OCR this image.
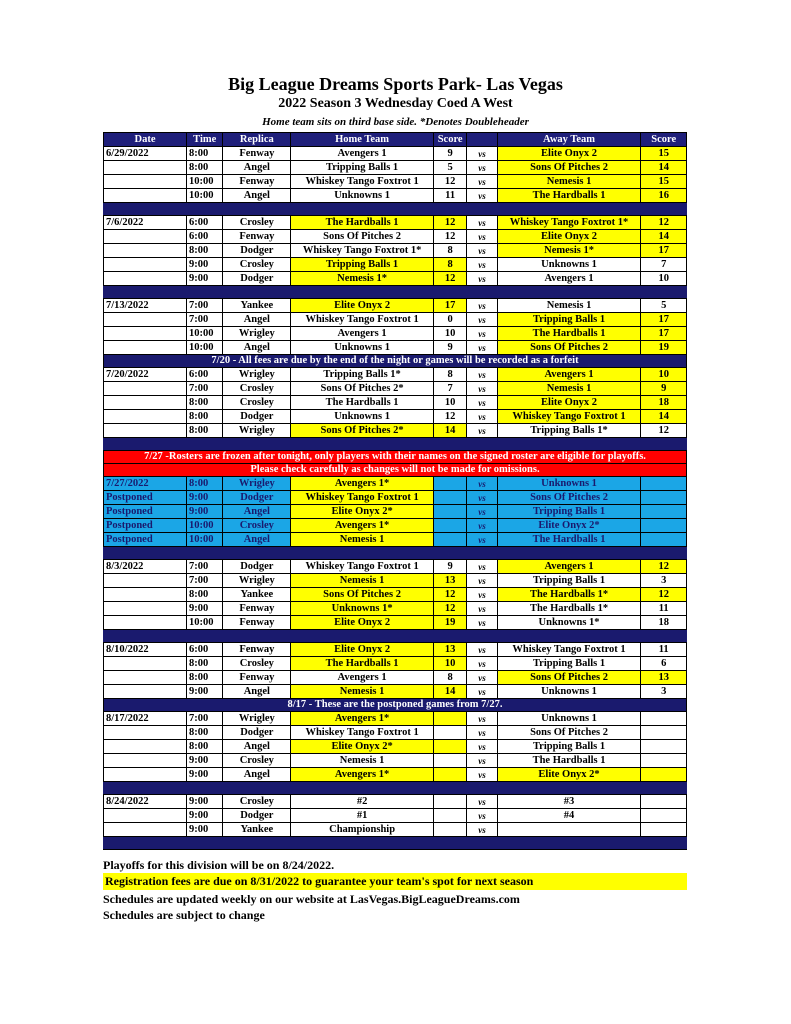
Big League Dreams Sports Park- Las Vegas
2022 Season 3 Wednesday Coed A West

Home team sits on third base side. *Denotes Doubleheader

Date	Time	Replica	Home Team	Score		Away Team	Score
6/29/2022	8:00	Fenway	Avengers 1	9	vs	Elite Onyx 2	15
	8:00	Angel	Tripping Balls 1	5	vs	Sons Of Pitches 2	14
	10:00	Fenway	Whiskey Tango Foxtrot 1	12	vs	Nemesis 1	15
	10:00	Angel	Unknowns 1	11	vs	The Hardballs 1	16

7/6/2022	6:00	Crosley	The Hardballs 1	12	vs	Whiskey Tango Foxtrot 1*	12
	6:00	Fenway	Sons Of Pitches 2	12	vs	Elite Onyx 2	14
	8:00	Dodger	Whiskey Tango Foxtrot 1*	8	vs	Nemesis 1*	17
	9:00	Crosley	Tripping Balls 1	8	vs	Unknowns 1	7
	9:00	Dodger	Nemesis 1*	12	vs	Avengers 1	10

7/13/2022	7:00	Yankee	Elite Onyx 2	17	vs	Nemesis 1	5
	7:00	Angel	Whiskey Tango Foxtrot 1	0	vs	Tripping Balls 1	17
	10:00	Wrigley	Avengers 1	10	vs	The Hardballs 1	17
	10:00	Angel	Unknowns 1	9	vs	Sons Of Pitches 2	19
7/20 - All fees are due by the end of the night or games will be recorded as a forfeit							
7/20/2022	6:00	Wrigley	Tripping Balls 1*	8	vs	Avengers 1	10
	7:00	Crosley	Sons Of Pitches 2*	7	vs	Nemesis 1	9
	8:00	Crosley	The Hardballs 1	10	vs	Elite Onyx 2	18
	8:00	Dodger	Unknowns 1	12	vs	Whiskey Tango Foxtrot 1	14
	8:00	Wrigley	Sons Of Pitches 2*	14	vs	Tripping Balls 1*	12

7/27 -Rosters are frozen after tonight, only players with their names on the signed roster are eligible for playoffs.							
Please check carefully as changes will not be made for omissions.							
7/27/2022	8:00	Wrigley	Avengers 1*		vs	Unknowns 1	
Postponed	9:00	Dodger	Whiskey Tango Foxtrot 1		vs	Sons Of Pitches 2	
Postponed	9:00	Angel	Elite Onyx 2*		vs	Tripping Balls 1	
Postponed	10:00	Crosley	Avengers 1*		vs	Elite Onyx 2*	
Postponed	10:00	Angel	Nemesis 1		vs	The Hardballs 1	

8/3/2022	7:00	Dodger	Whiskey Tango Foxtrot 1	9	vs	Avengers 1	12
	7:00	Wrigley	Nemesis 1	13	vs	Tripping Balls 1	3
	8:00	Yankee	Sons Of Pitches 2	12	vs	The Hardballs 1*	12
	9:00	Fenway	Unknowns 1*	12	vs	The Hardballs 1*	11
	10:00	Fenway	Elite Onyx 2	19	vs	Unknowns 1*	18

8/10/2022	6:00	Fenway	Elite Onyx 2	13	vs	Whiskey Tango Foxtrot 1	11
	8:00	Crosley	The Hardballs 1	10	vs	Tripping Balls 1	6
	8:00	Fenway	Avengers 1	8	vs	Sons Of Pitches 2	13
	9:00	Angel	Nemesis 1	14	vs	Unknowns 1	3
8/17 - These are the postponed games from 7/27.							
8/17/2022	7:00	Wrigley	Avengers 1*		vs	Unknowns 1	
	8:00	Dodger	Whiskey Tango Foxtrot 1		vs	Sons Of Pitches 2	
	8:00	Angel	Elite Onyx 2*		vs	Tripping Balls 1	
	9:00	Crosley	Nemesis 1		vs	The Hardballs 1	
	9:00	Angel	Avengers 1*		vs	Elite Onyx 2*	

8/24/2022	9:00	Crosley	#2		vs	#3	
	9:00	Dodger	#1		vs	#4	
	9:00	Yankee	Championship		vs		

Playoffs for this division will be on 8/24/2022.

Registration fees are due on 8/31/2022 to guarantee your team's spot for next season

Schedules are updated weekly on our website at LasVegas.BigLeagueDreams.com

Schedules are subject to change
